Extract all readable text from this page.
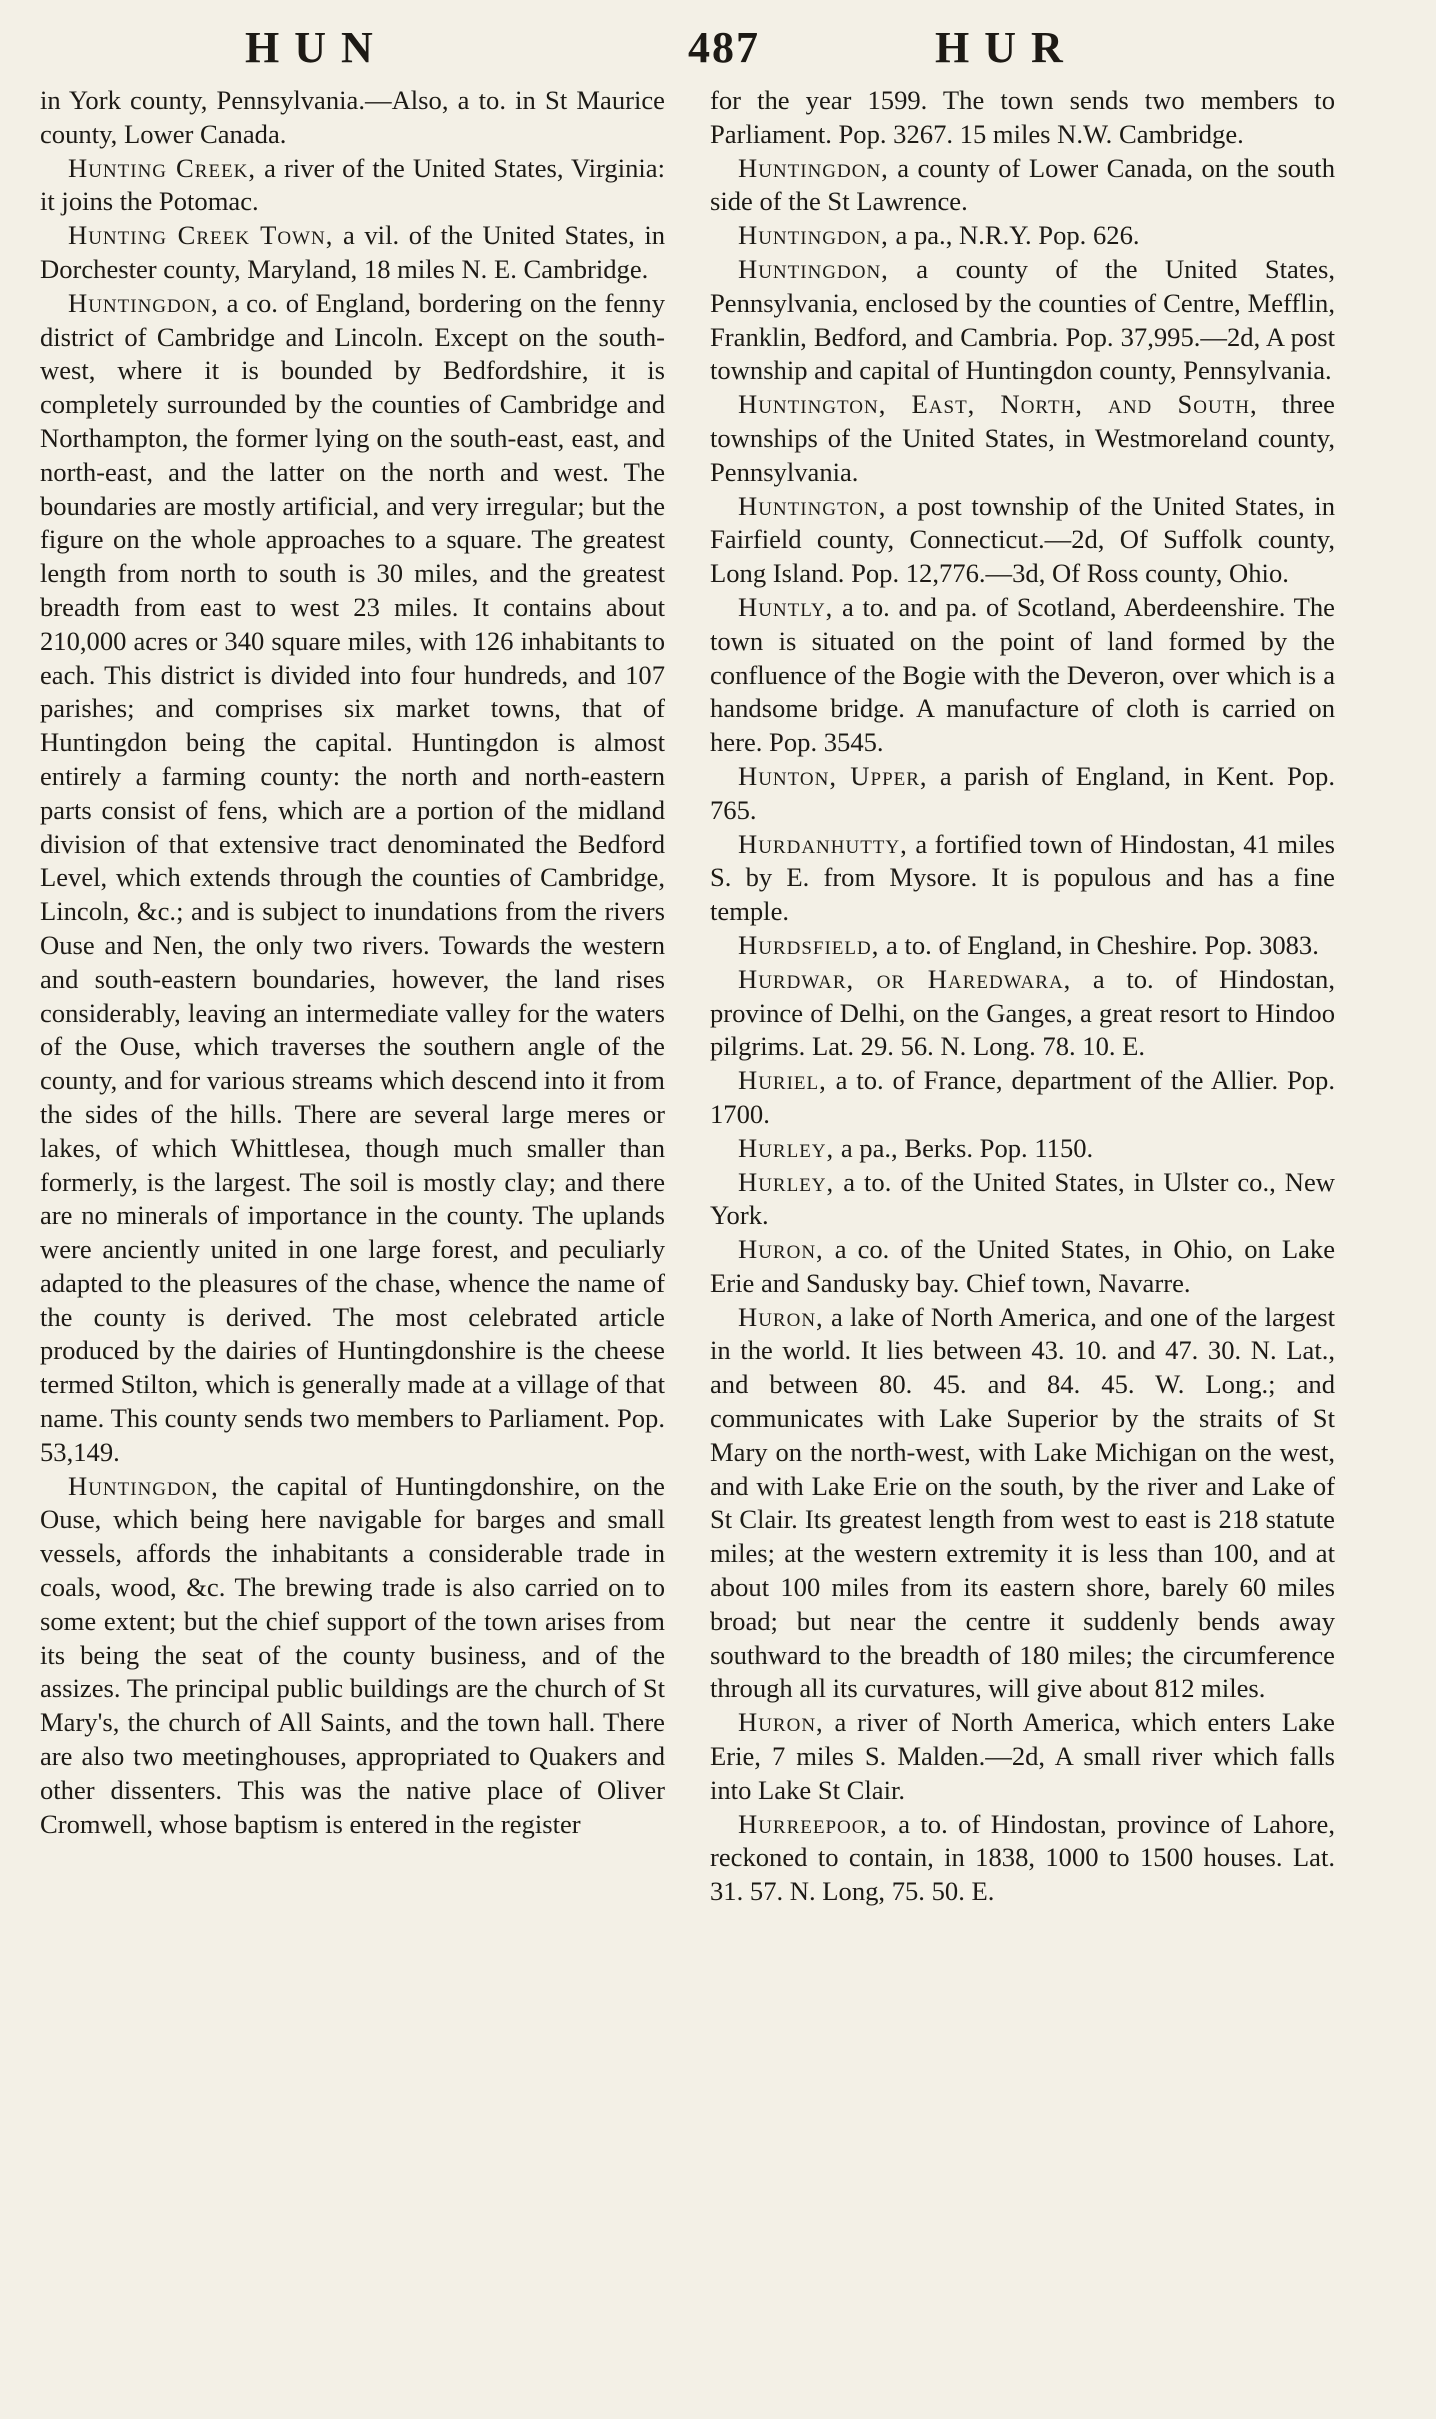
H U N	487	H U R

in York county, Pennsylvania.—Also, a to. in St Maurice county, Lower Canada.

Hunting Creek, a river of the United States, Virginia: it joins the Potomac.

Hunting Creek Town, a vil. of the United States, in Dorchester county, Maryland, 18 miles N. E. Cambridge.

Huntingdon, a co. of England, bordering on the fenny district of Cambridge and Lincoln. Except on the south-west, where it is bounded by Bedfordshire, it is completely surrounded by the counties of Cambridge and Northampton, the former lying on the south-east, east, and north-east, and the latter on the north and west. The boundaries are mostly artificial, and very irregular; but the figure on the whole approaches to a square. The greatest length from north to south is 30 miles, and the greatest breadth from east to west 23 miles. It contains about 210,000 acres or 340 square miles, with 126 inhabitants to each. This district is divided into four hundreds, and 107 parishes; and comprises six market towns, that of Huntingdon being the capital. Huntingdon is almost entirely a farming county: the north and north-eastern parts consist of fens, which are a portion of the midland division of that extensive tract denominated the Bedford Level, which extends through the counties of Cambridge, Lincoln, &c.; and is subject to inundations from the rivers Ouse and Nen, the only two rivers. Towards the western and south-eastern boundaries, however, the land rises considerably, leaving an intermediate valley for the waters of the Ouse, which traverses the southern angle of the county, and for various streams which descend into it from the sides of the hills. There are several large meres or lakes, of which Whittlesea, though much smaller than formerly, is the largest. The soil is mostly clay; and there are no minerals of importance in the county. The uplands were anciently united in one large forest, and peculiarly adapted to the pleasures of the chase, whence the name of the county is derived. The most celebrated article produced by the dairies of Huntingdonshire is the cheese termed Stilton, which is generally made at a village of that name. This county sends two members to Parliament. Pop. 53,149.

Huntingdon, the capital of Huntingdonshire, on the Ouse, which being here navigable for barges and small vessels, affords the inhabitants a considerable trade in coals, wood, &c. The brewing trade is also carried on to some extent; but the chief support of the town arises from its being the seat of the county business, and of the assizes. The principal public buildings are the church of St Mary's, the church of All Saints, and the town hall. There are also two meetinghouses, appropriated to Quakers and other dissenters. This was the native place of Oliver Cromwell, whose baptism is entered in the register

for the year 1599. The town sends two members to Parliament. Pop. 3267. 15 miles N.W. Cambridge.

Huntingdon, a county of Lower Canada, on the south side of the St Lawrence.

Huntingdon, a pa., N.R.Y. Pop. 626.

Huntingdon, a county of the United States, Pennsylvania, enclosed by the counties of Centre, Mefflin, Franklin, Bedford, and Cambria. Pop. 37,995.—2d, A post township and capital of Huntingdon county, Pennsylvania.

Huntington, East, North, and South, three townships of the United States, in Westmoreland county, Pennsylvania.

Huntington, a post township of the United States, in Fairfield county, Connecticut.—2d, Of Suffolk county, Long Island. Pop. 12,776.—3d, Of Ross county, Ohio.

Huntly, a to. and pa. of Scotland, Aberdeenshire. The town is situated on the point of land formed by the confluence of the Bogie with the Deveron, over which is a handsome bridge. A manufacture of cloth is carried on here. Pop. 3545.

Hunton, Upper, a parish of England, in Kent. Pop. 765.

Hurdanhutty, a fortified town of Hindostan, 41 miles S. by E. from Mysore. It is populous and has a fine temple.

Hurdsfield, a to. of England, in Cheshire. Pop. 3083.

Hurdwar, or Haredwara, a to. of Hindostan, province of Delhi, on the Ganges, a great resort to Hindoo pilgrims. Lat. 29. 56. N. Long. 78. 10. E.

Huriel, a to. of France, department of the Allier. Pop. 1700.

Hurley, a pa., Berks. Pop. 1150.

Hurley, a to. of the United States, in Ulster co., New York.

Huron, a co. of the United States, in Ohio, on Lake Erie and Sandusky bay. Chief town, Navarre.

Huron, a lake of North America, and one of the largest in the world. It lies between 43. 10. and 47. 30. N. Lat., and between 80. 45. and 84. 45. W. Long.; and communicates with Lake Superior by the straits of St Mary on the north-west, with Lake Michigan on the west, and with Lake Erie on the south, by the river and Lake of St Clair. Its greatest length from west to east is 218 statute miles; at the western extremity it is less than 100, and at about 100 miles from its eastern shore, barely 60 miles broad; but near the centre it suddenly bends away southward to the breadth of 180 miles; the circumference through all its curvatures, will give about 812 miles.

Huron, a river of North America, which enters Lake Erie, 7 miles S. Malden.—2d, A small river which falls into Lake St Clair.

Hurreepoor, a to. of Hindostan, province of Lahore, reckoned to contain, in 1838, 1000 to 1500 houses. Lat. 31. 57. N. Long, 75. 50. E.
